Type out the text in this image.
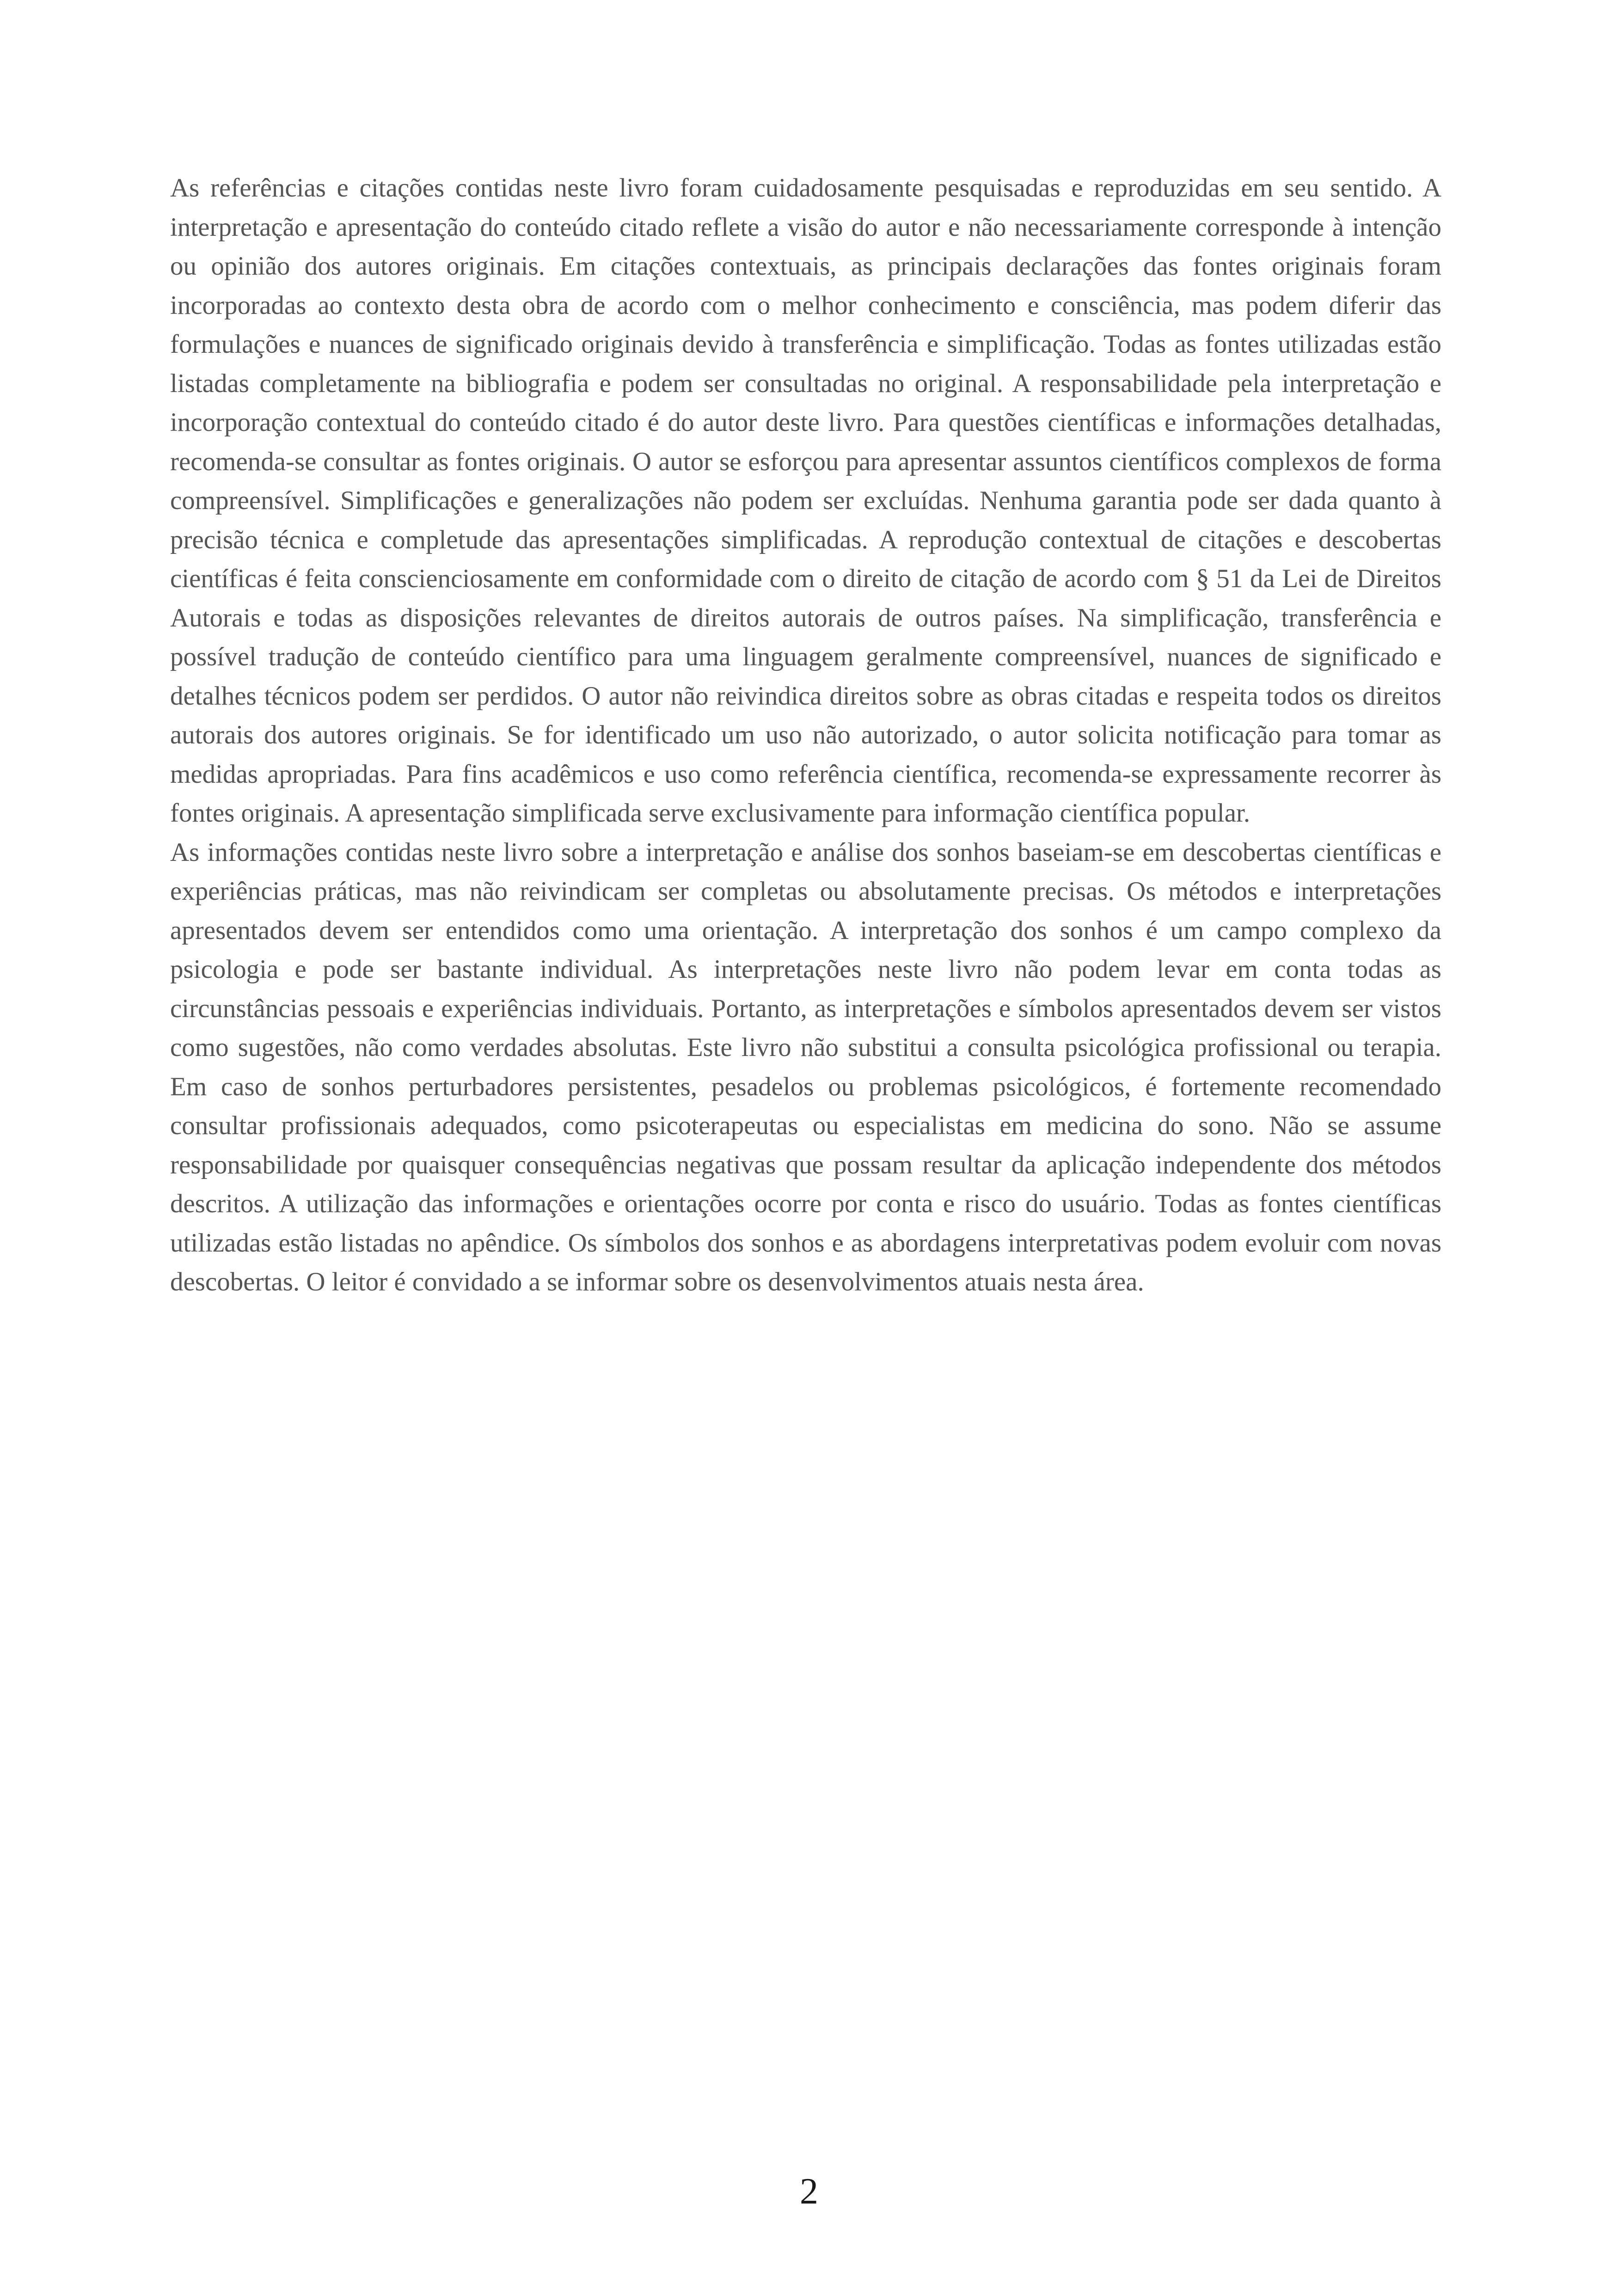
As referências e citações contidas neste livro foram cuidadosamente pesquisadas e reproduzidas em seu sentido. A interpretação e apresentação do conteúdo citado reflete a visão do autor e não necessariamente corresponde à intenção ou opinião dos autores originais. Em citações contextuais, as principais declarações das fontes originais foram incorporadas ao contexto desta obra de acordo com o melhor conhecimento e consciência, mas podem diferir das formulações e nuances de significado originais devido à transferência e simplificação. Todas as fontes utilizadas estão listadas completamente na bibliografia e podem ser consultadas no original. A responsabilidade pela interpretação e incorporação contextual do conteúdo citado é do autor deste livro. Para questões científicas e informações detalhadas, recomenda-se consultar as fontes originais. O autor se esforçou para apresentar assuntos científicos complexos de forma compreensível. Simplificações e generalizações não podem ser excluídas. Nenhuma garantia pode ser dada quanto à precisão técnica e completude das apresentações simplificadas. A reprodução contextual de citações e descobertas científicas é feita conscienciosamente em conformidade com o direito de citação de acordo com § 51 da Lei de Direitos Autorais e todas as disposições relevantes de direitos autorais de outros países. Na simplificação, transferência e possível tradução de conteúdo científico para uma linguagem geralmente compreensível, nuances de significado e detalhes técnicos podem ser perdidos. O autor não reivindica direitos sobre as obras citadas e respeita todos os direitos autorais dos autores originais. Se for identificado um uso não autorizado, o autor solicita notificação para tomar as medidas apropriadas. Para fins acadêmicos e uso como referência científica, recomenda-se expressamente recorrer às fontes originais. A apresentação simplificada serve exclusivamente para informação científica popular.

As informações contidas neste livro sobre a interpretação e análise dos sonhos baseiam-se em descobertas científicas e experiências práticas, mas não reivindicam ser completas ou absolutamente precisas. Os métodos e interpretações apresentados devem ser entendidos como uma orientação. A interpretação dos sonhos é um campo complexo da psicologia e pode ser bastante individual. As interpretações neste livro não podem levar em conta todas as circunstâncias pessoais e experiências individuais. Portanto, as interpretações e símbolos apresentados devem ser vistos como sugestões, não como verdades absolutas. Este livro não substitui a consulta psicológica profissional ou terapia. Em caso de sonhos perturbadores persistentes, pesadelos ou problemas psicológicos, é fortemente recomendado consultar profissionais adequados, como psicoterapeutas ou especialistas em medicina do sono. Não se assume responsabilidade por quaisquer consequências negativas que possam resultar da aplicação independente dos métodos descritos. A utilização das informações e orientações ocorre por conta e risco do usuário. Todas as fontes científicas utilizadas estão listadas no apêndice. Os símbolos dos sonhos e as abordagens interpretativas podem evoluir com novas descobertas. O leitor é convidado a se informar sobre os desenvolvimentos atuais nesta área.

2
